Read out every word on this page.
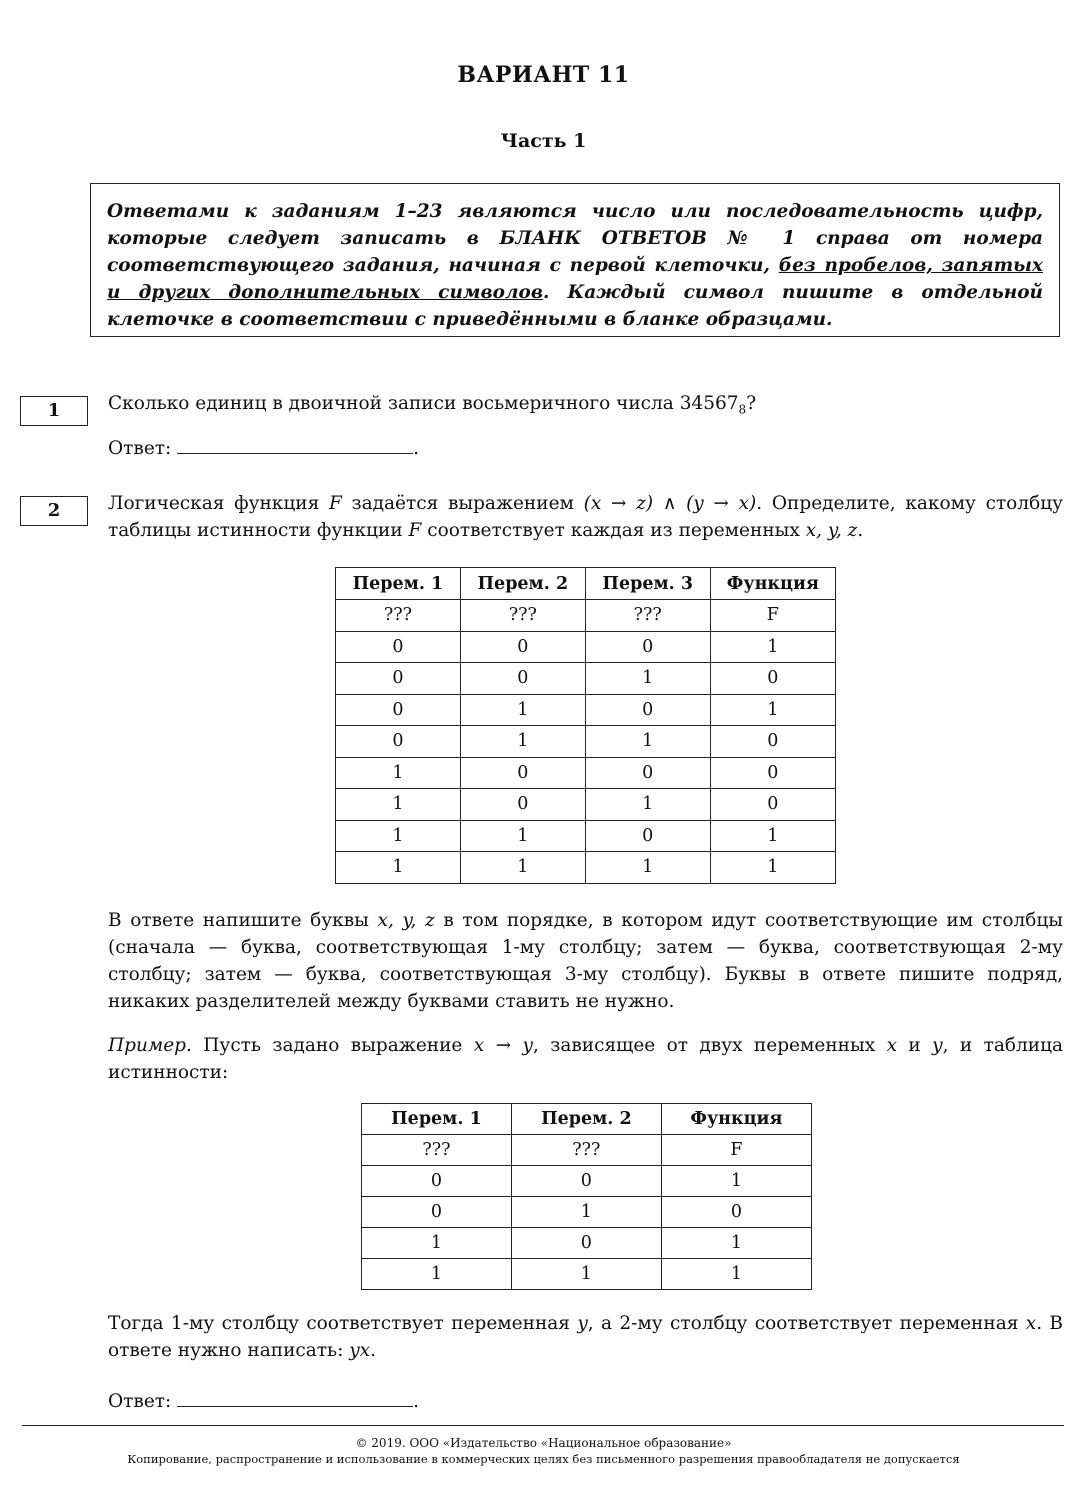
ВАРИАНТ 11
Часть 1
Ответами к заданиям 1–23 являются число или последовательность цифр, которые следует записать в БЛАНК ОТВЕТОВ № 1 справа от номера соответствующего задания, начиная с первой клеточки, без пробелов, запятых и других дополнительных символов. Каждый символ пишите в отдельной клеточке в соответствии с приведёнными в бланке образцами.
1	Сколько единиц в двоичной записи восьмеричного числа $34567_8$?
Ответ:	.
2	Логическая функция F задаётся выражением (x → z) ∧ (y → x). Определите, какому столбцу таблицы истинности функции F соответствует каждая из переменных x, y, z.
Перем. 1	Перем. 2	Перем. 3	Функция
???	???	???	F
0	0	0	1
0	0	1	0
0	1	0	1
0	1	1	0
1	0	0	0
1	0	1	0
1	1	0	1
1	1	1	1
В ответе напишите буквы x, y, z в том порядке, в котором идут соответствующие им столбцы (сначала — буква, соответствующая 1-му столбцу; затем — буква, соответствующая 2-му столбцу; затем — буква, соответствующая 3-му столбцу). Буквы в ответе пишите подряд, никаких разделителей между буквами ставить не нужно.
Пример. Пусть задано выражение x → y, зависящее от двух переменных x и y, и таблица истинности:
Перем. 1	Перем. 2	Функция
???	???	F
0	0	1
0	1	0
1	0	1
1	1	1
Тогда 1-му столбцу соответствует переменная y, а 2-му столбцу соответствует переменная x. В ответе нужно написать: yx.
Ответ:	.
© 2019. ООО «Издательство «Национальное образование»
Копирование, распространение и использование в коммерческих целях без письменного разрешения правообладателя не допускается
